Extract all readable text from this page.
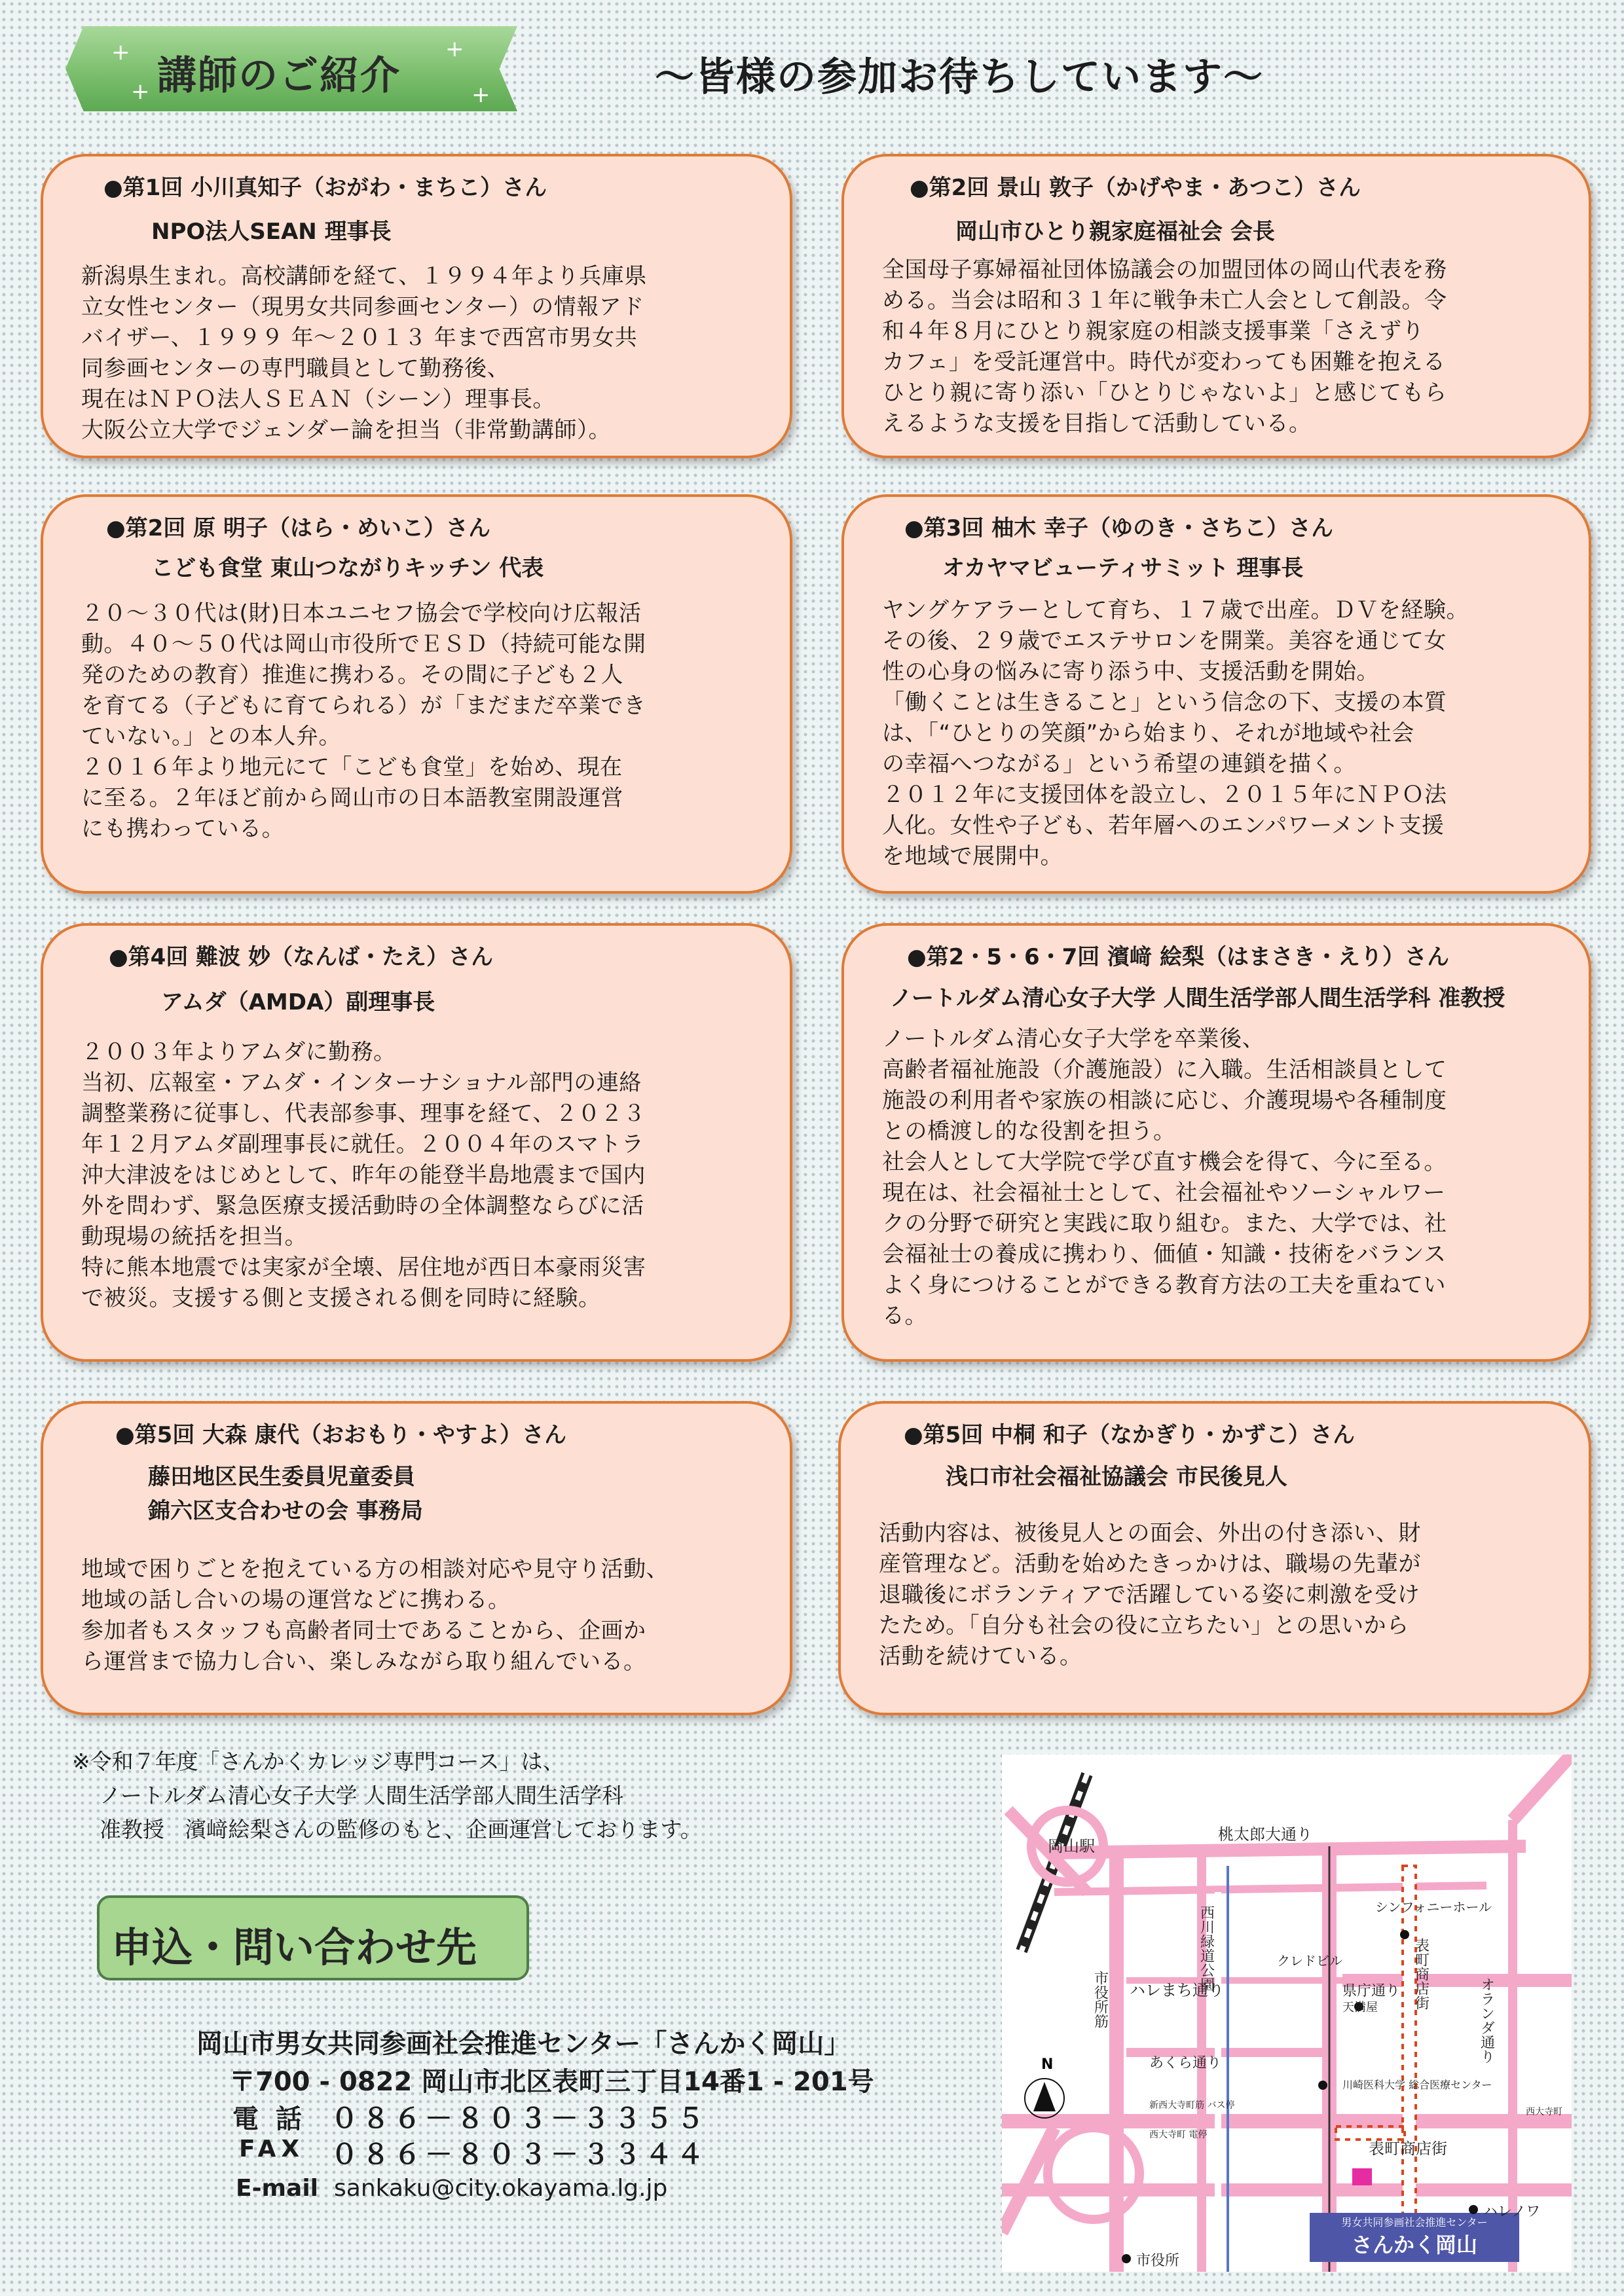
+
+
+
+
講師のご紹介	〜皆様の参加お待ちしています〜
●第1回 小川真知子（おがわ・まちこ）さん
NPO法人SEAN 理事長
新潟県生まれ。高校講師を経て、１９９４年より兵庫県
立女性センター（現男女共同参画センター）の情報アド
バイザー、１９９９ 年〜２０１３ 年まで西宮市男女共
同参画センターの専門職員として勤務後、
現在はＮＰＯ法人ＳＥＡＮ（シーン）理事長。
大阪公立大学でジェンダー論を担当（非常勤講師）。
●第2回 景山 敦子（かげやま・あつこ）さん
岡山市ひとり親家庭福祉会 会長
全国母子寡婦福祉団体協議会の加盟団体の岡山代表を務
める。当会は昭和３１年に戦争未亡人会として創設。令
和４年８月にひとり親家庭の相談支援事業「さえずり
カフェ」を受託運営中。時代が変わっても困難を抱える
ひとり親に寄り添い「ひとりじゃないよ」と感じてもら
えるような支援を目指して活動している。
●第2回 原 明子（はら・めいこ）さん
こども食堂 東山つながりキッチン 代表
２０〜３０代は(財)日本ユニセフ協会で学校向け広報活
動。４０〜５０代は岡山市役所でＥＳＤ（持続可能な開
発のための教育）推進に携わる。その間に子ども２人
を育てる（子どもに育てられる）が「まだまだ卒業でき
ていない。」との本人弁。
２０１６年より地元にて「こども食堂」を始め、現在
に至る。２年ほど前から岡山市の日本語教室開設運営
にも携わっている。
●第3回 柚木 幸子（ゆのき・さちこ）さん
オカヤマビューティサミット 理事長
ヤングケアラーとして育ち、１７歳で出産。ＤＶを経験。
その後、２９歳でエステサロンを開業。美容を通じて女
性の心身の悩みに寄り添う中、支援活動を開始。
「働くことは生きること」という信念の下、支援の本質
は、「“ひとりの笑顔”から始まり、それが地域や社会
の幸福へつながる」という希望の連鎖を描く。
２０１２年に支援団体を設立し、２０１５年にＮＰＯ法
人化。女性や子ども、若年層へのエンパワーメント支援
を地域で展開中。
●第4回 難波 妙（なんば・たえ）さん
アムダ（AMDA）副理事長
２００３年よりアムダに勤務。
当初、広報室・アムダ・インターナショナル部門の連絡
調整業務に従事し、代表部参事、理事を経て、２０２３
年１２月アムダ副理事長に就任。２００４年のスマトラ
沖大津波をはじめとして、昨年の能登半島地震まで国内
外を問わず、緊急医療支援活動時の全体調整ならびに活
動現場の統括を担当。
特に熊本地震では実家が全壊、居住地が西日本豪雨災害
で被災。支援する側と支援される側を同時に経験。
●第2・5・6・7回 濱﨑 絵梨（はまさき・えり）さん
ノートルダム清心女子大学 人間生活学部人間生活学科 准教授
ノートルダム清心女子大学を卒業後、
高齢者福祉施設（介護施設）に入職。生活相談員として
施設の利用者や家族の相談に応じ、介護現場や各種制度
との橋渡し的な役割を担う。
社会人として大学院で学び直す機会を得て、今に至る。
現在は、社会福祉士として、社会福祉やソーシャルワー
クの分野で研究と実践に取り組む。また、大学では、社
会福祉士の養成に携わり、価値・知識・技術をバランス
よく身につけることができる教育方法の工夫を重ねてい
る。
●第5回 大森 康代（おおもり・やすよ）さん
藤田地区民生委員児童委員
錦六区支合わせの会 事務局
地域で困りごとを抱えている方の相談対応や見守り活動、
地域の話し合いの場の運営などに携わる。
参加者もスタッフも高齢者同士であることから、企画か
ら運営まで協力し合い、楽しみながら取り組んでいる。
●第5回 中桐 和子（なかぎり・かずこ）さん
浅口市社会福祉協議会 市民後見人
活動内容は、被後見人との面会、外出の付き添い、財
産管理など。活動を始めたきっかけは、職場の先輩が
退職後にボランティアで活躍している姿に刺激を受け
たため。「自分も社会の役に立ちたい」との思いから
活動を続けている。
※令和７年度「さんかくカレッジ専門コース」は、
ノートルダム清心女子大学 人間生活学部人間生活学科
准教授   濱﨑絵梨さんの監修のもと、企画運営しております。
申込・問い合わせ先
岡山市男女共同参画社会推進センター「さんかく岡山」
〒700 - 0822 岡山市北区表町三丁目14番1 - 201号
電 話 ０８６－８０３－３３５５
FAX ０８６－８０３－３３４４
E-mail sankaku@city.okayama.lg.jp
男女共同参画社会推進センター
さんかく岡山
N
岡山駅
桃太郎大通り
シンフォニーホール
クレドビル
ハレまち通り	県庁通り
天満屋
あくら通り
川崎医科大学 総合医療センター
新西大寺町筋 バス停
西大寺町 電停
西大寺町
表町商店街
ハレノワ
市役所
表町商店街
オランダ通り
西川緑道公園
市役所筋
